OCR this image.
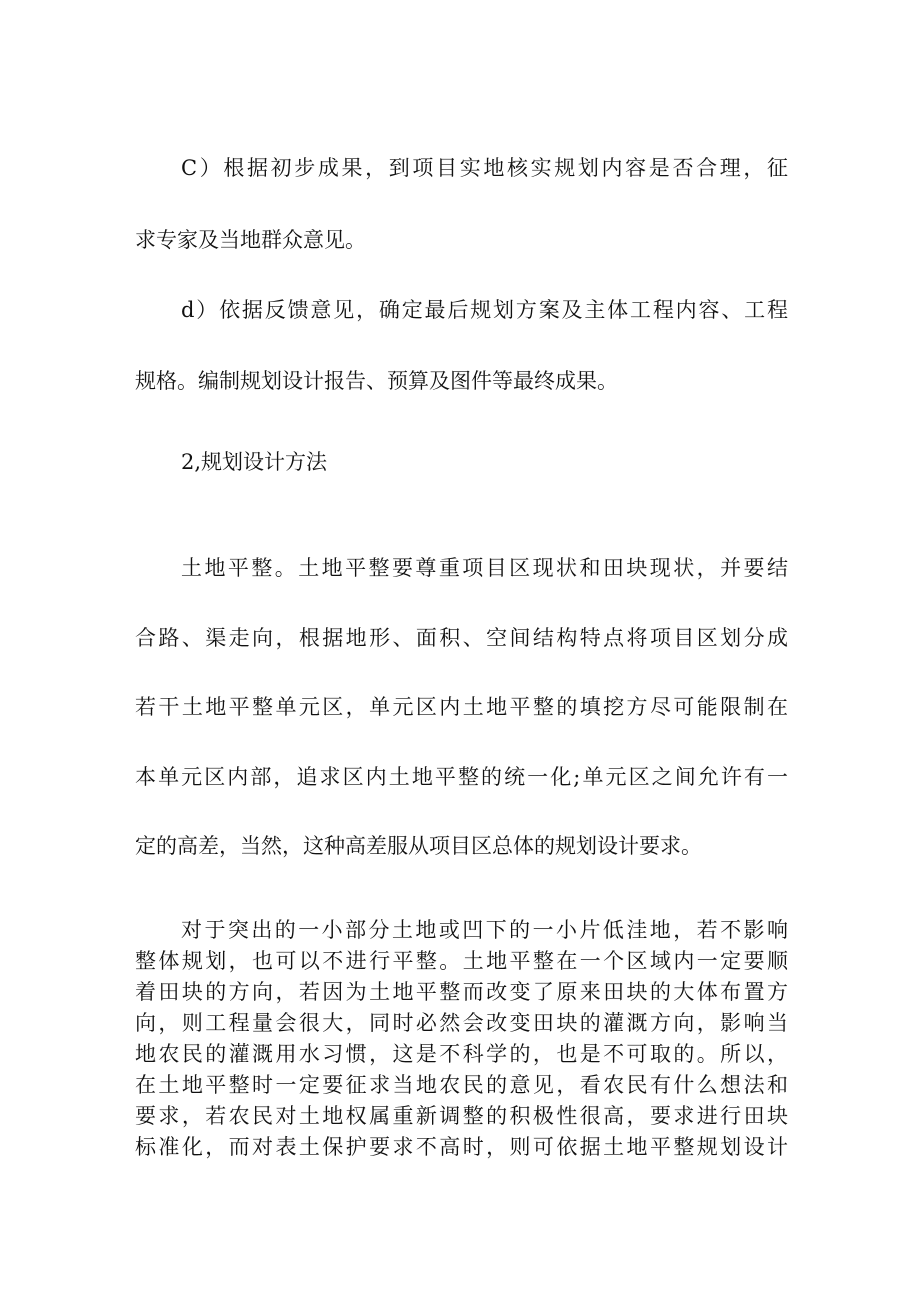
C）根据初步成果，到项目实地核实规划内容是否合理，征
求专家及当地群众意见。
d）依据反馈意见，确定最后规划方案及主体工程内容、工程
规格。编制规划设计报告、预算及图件等最终成果。
2,规划设计方法
土地平整。土地平整要尊重项目区现状和田块现状，并要结
合路、渠走向，根据地形、面积、空间结构特点将项目区划分成
若干土地平整单元区，单元区内土地平整的填挖方尽可能限制在
本单元区内部，追求区内土地平整的统一化;单元区之间允许有一
定的高差，当然，这种高差服从项目区总体的规划设计要求。
对于突出的一小部分土地或凹下的一小片低洼地，若不影响
整体规划，也可以不进行平整。土地平整在一个区域内一定要顺
着田块的方向，若因为土地平整而改变了原来田块的大体布置方
向，则工程量会很大，同时必然会改变田块的灌溉方向，影响当
地农民的灌溉用水习惯，这是不科学的，也是不可取的。所以，
在土地平整时一定要征求当地农民的意见，看农民有什么想法和
要求，若农民对土地权属重新调整的积极性很高，要求进行田块
标准化，而对表土保护要求不高时，则可依据土地平整规划设计
